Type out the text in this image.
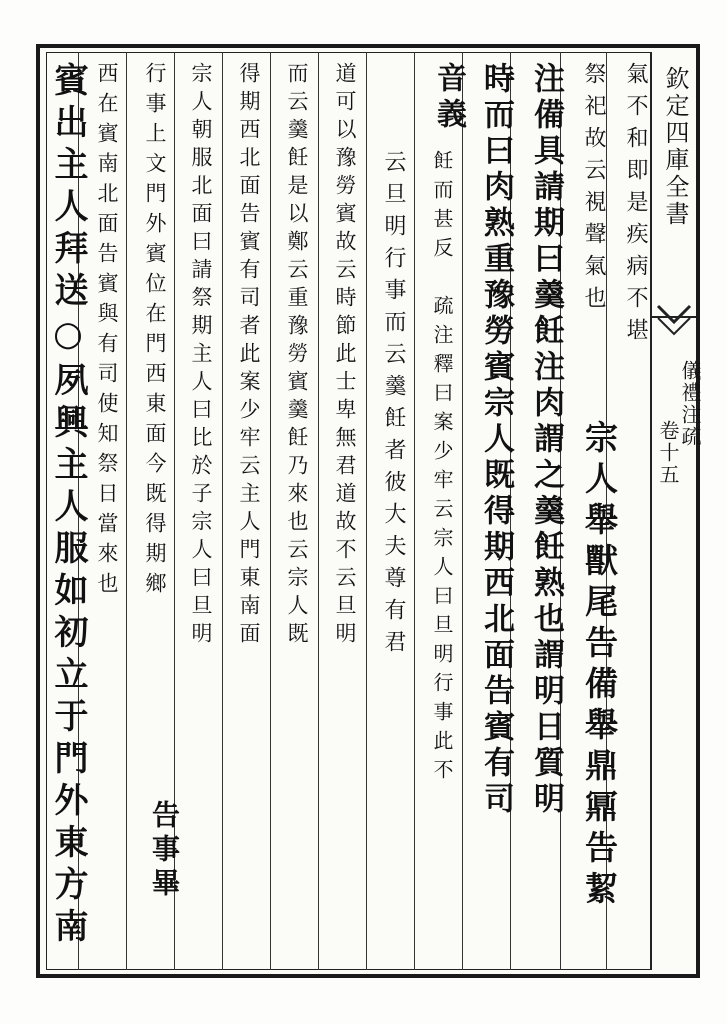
欽定四庫全書
儀禮注疏
卷十五
氣不和即是疾病不堪
祭祀故云視聲氣也
宗人舉獸尾告備舉鼎鼏告絜
注備具請期曰羹飪注肉謂之羹飪熟也謂明日質明
時而曰肉熟重豫勞賓宗人既得期西北面告賓有司
音義
飪而甚反　疏注釋曰案少牢云宗人曰旦明行事此不
云旦明行事而云羹飪者彼大夫尊有君
道可以豫勞賓故云時節此士卑無君道故不云旦明
而云羹飪是以鄭云重豫勞賓羹飪乃來也云宗人既
得期西北面告賓有司者此案少牢云主人門東南面
宗人朝服北面曰請祭期主人曰比於子宗人曰旦明
行事上文門外賓位在門西東面今既得期鄉
告事畢
西在賓南北面告賓與有司使知祭日當來也
賓出主人拜送○夙興主人服如初立于門外東方南
